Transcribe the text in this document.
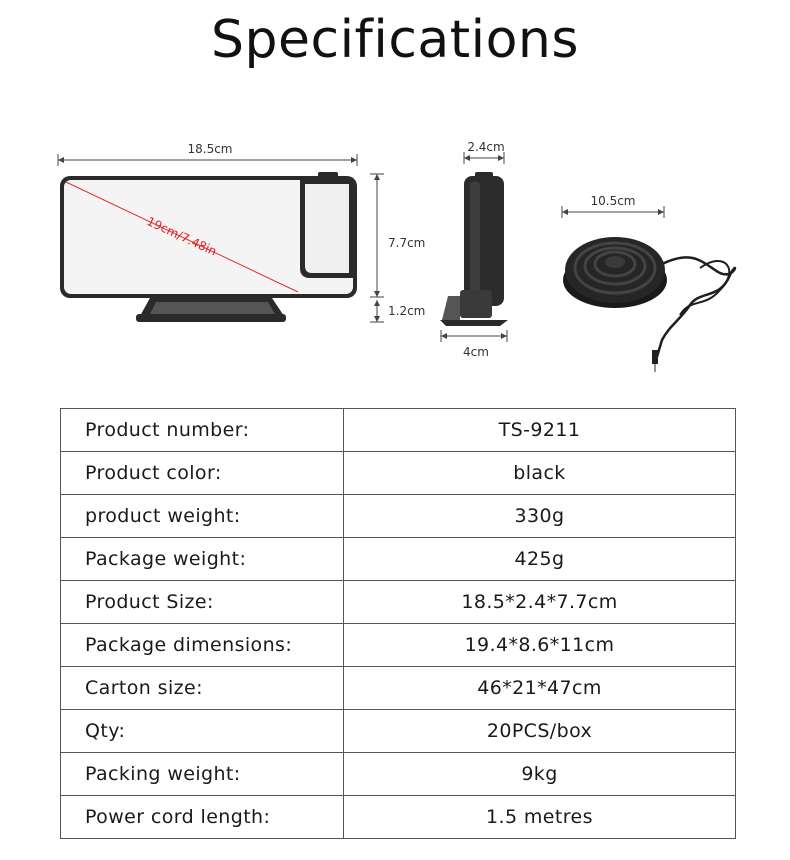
Specifications
18.5cm
19cm/7.48in	7.7cm
1.2cm
2.4cm
4cm
10.5cm
Product number:	TS-9211
Product color:	black
product weight:	330g
Package weight:	425g
Product Size:	18.5*2.4*7.7cm
Package dimensions:	19.4*8.6*11cm
Carton size:	46*21*47cm
Qty:	20PCS/box
Packing weight:	9kg
Power cord length:	1.5 metres
